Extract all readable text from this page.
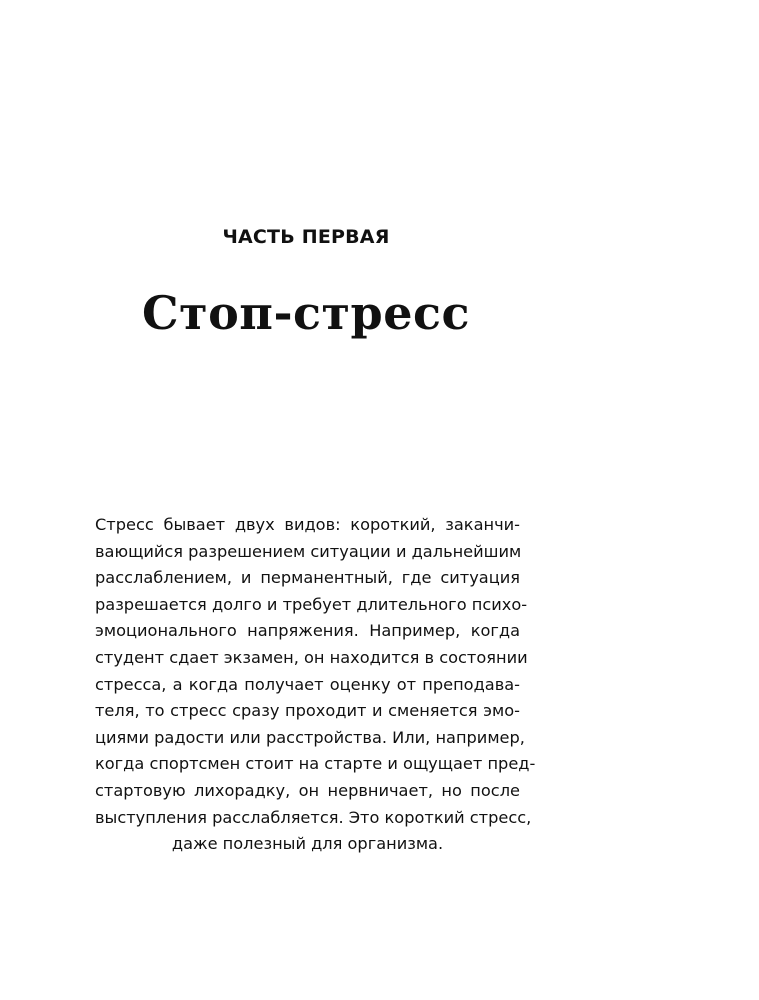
ЧАСТЬ ПЕРВАЯ
Стоп-стресс
Стресс бывает двух видов: короткий, заканчи-
вающийся разрешением ситуации и дальнейшим
расслаблением, и перманентный, где ситуация
разрешается долго и требует длительного психо-
эмоционального напряжения. Например, когда
студент сдает экзамен, он находится в состоянии
стресса, а когда получает оценку от преподава-
теля, то стресс сразу проходит и сменяется эмо-
циями радости или расстройства. Или, например,
когда спортсмен стоит на старте и ощущает пред-
стартовую лихорадку, он нервничает, но после
выступления расслабляется. Это короткий стресс,
даже полезный для организма.
